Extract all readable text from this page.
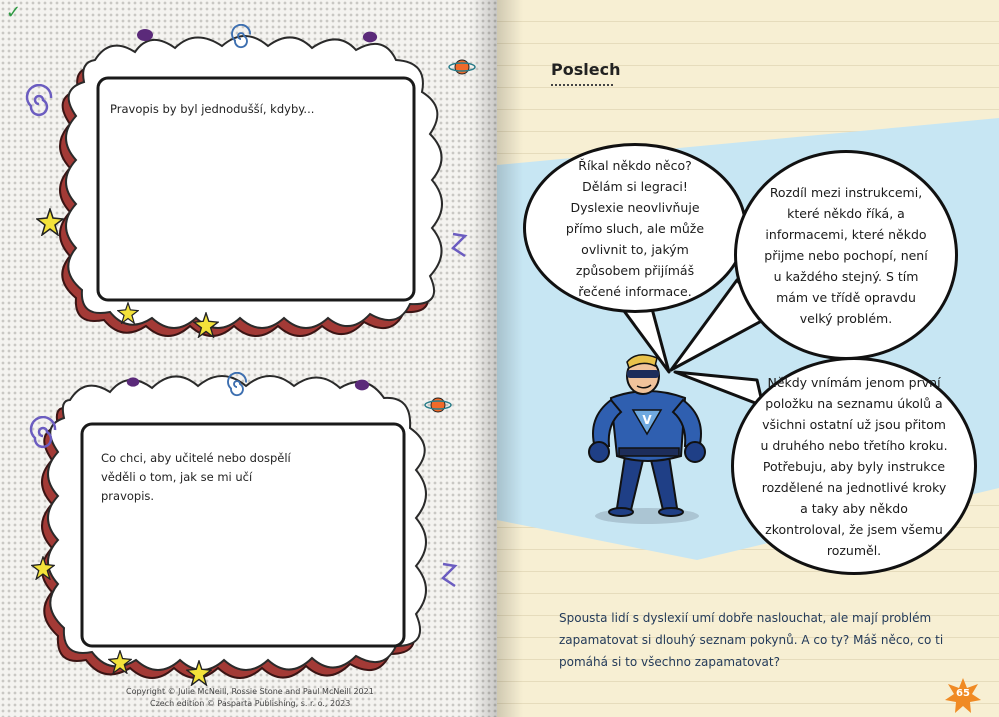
✓
Pravopis by byl jednodušší, kdyby...
Co chci, aby učitelé nebo dospělí věděli o tom, jak se mi učí pravopis.
Copyright © Julie McNeill, Rossie Stone and Paul McNeill 2021
Czech edition © Pasparta Publishing, s. r. o., 2023
Poslech
Říkal někdo něco? Dělám si legraci! Dyslexie neovlivňuje přímo sluch, ale může ovlivnit to, jakým způsobem přijímáš řečené informace.
Rozdíl mezi instrukcemi, které někdo říká, a informacemi, které někdo přijme nebo pochopí, není u každého stejný. S tím mám ve třídě opravdu velký problém.
Někdy vnímám jenom první položku na seznamu úkolů a všichni ostatní už jsou přitom u druhého nebo třetího kroku. Potřebuju, aby byly instrukce rozdělené na jednotlivé kroky a taky aby někdo zkontroloval, že jsem všemu rozuměl.
V
Spousta lidí s dyslexií umí dobře naslouchat, ale mají problém zapamatovat si dlouhý seznam pokynů. A co ty? Máš něco, co ti pomáhá si to všechno zapamatovat?
65
